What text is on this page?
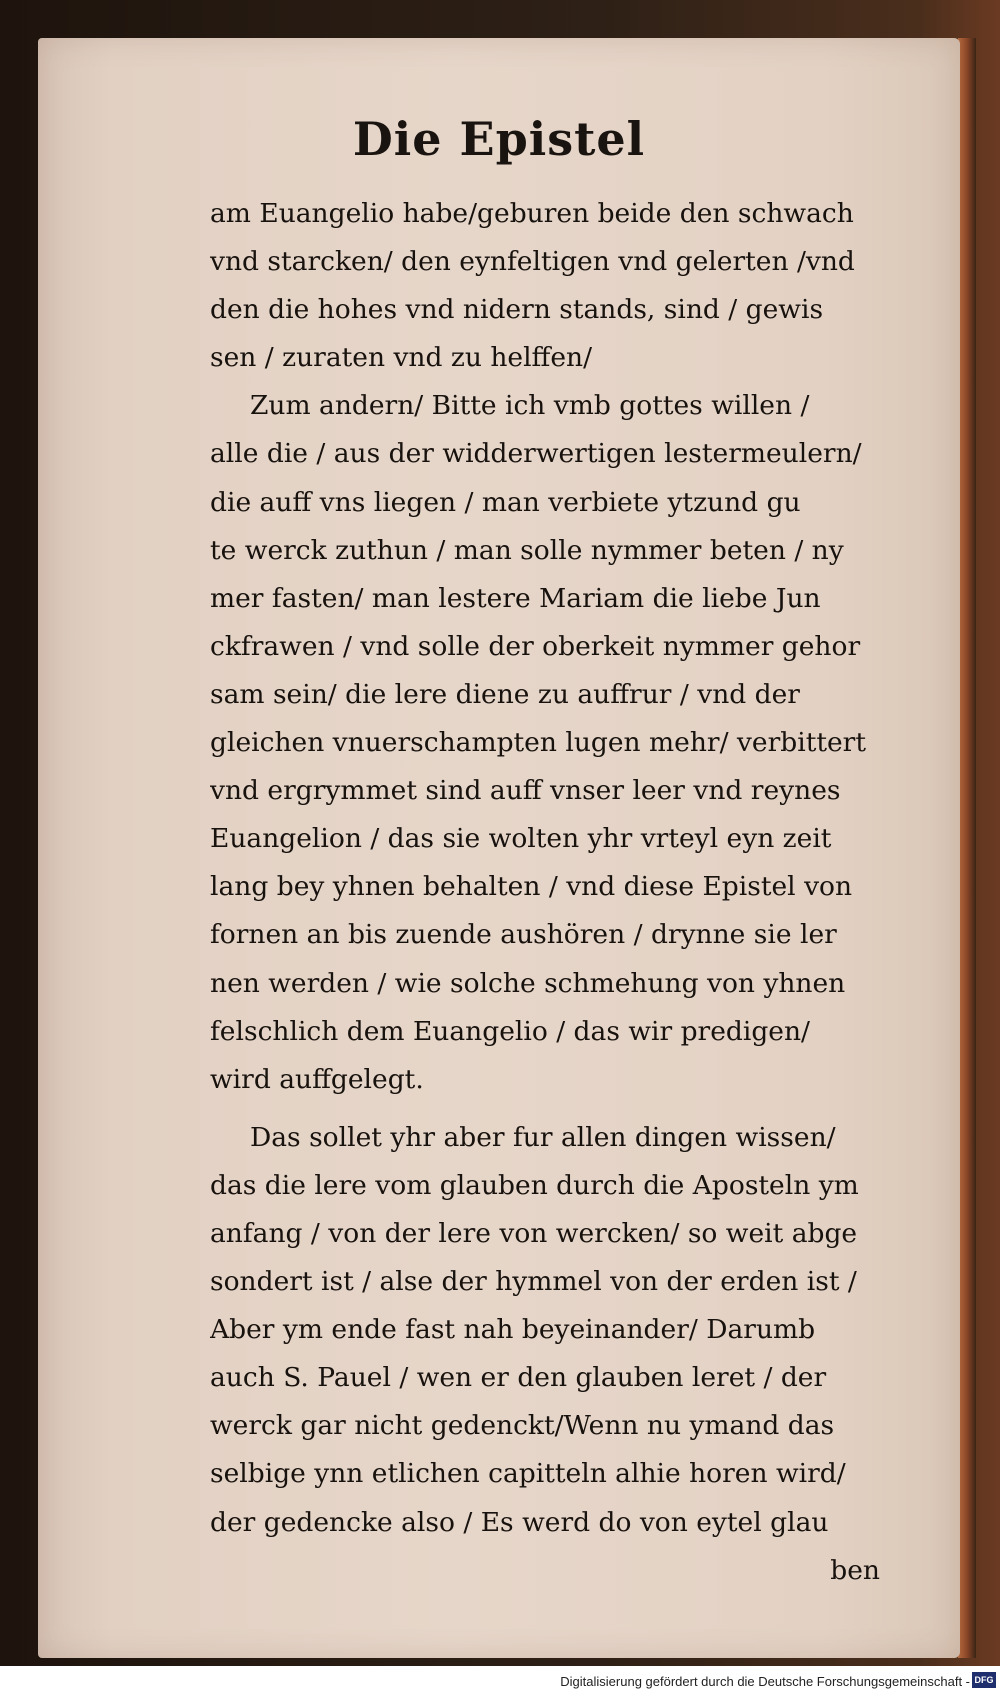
Die Epistel
am Euangelio habe/geburen beide den schwach
vnd starcken/ den eynfeltigen vnd gelerten /vnd
den die hohes vnd nidern stands, sind / gewis
sen / zuraten vnd zu helffen/
Zum andern/ Bitte ich vmb gottes willen /
alle die / aus der widderwertigen lestermeulern/
die auff vns liegen / man verbiete ytzund gu
te werck zuthun / man solle nymmer beten / ny
mer fasten/ man lestere Mariam die liebe Jun
ckfrawen / vnd solle der oberkeit nymmer gehor
sam sein/ die lere diene zu auffrur / vnd der
gleichen vnuerschampten lugen mehr/ verbittert
vnd ergrymmet sind auff vnser leer vnd reynes
Euangelion / das sie wolten yhr vrteyl eyn zeit
lang bey yhnen behalten / vnd diese Epistel von
fornen an bis zuende aushören / drynne sie ler
nen werden / wie solche schmehung von yhnen
felschlich dem Euangelio / das wir predigen/
wird auffgelegt.
Das sollet yhr aber fur allen dingen wissen/
das die lere vom glauben durch die Aposteln ym
anfang / von der lere von wercken/ so weit abge
sondert ist / alse der hymmel von der erden ist /
Aber ym ende fast nah beyeinander/ Darumb
auch S. Pauel / wen er den glauben leret / der
werck gar nicht gedenckt/Wenn nu ymand das
selbige ynn etlichen capitteln alhie horen wird/
der gedencke also / Es werd do von eytel glau
ben
Digitalisierung gefördert durch die Deutsche Forschungsgemeinschaft - DFG
